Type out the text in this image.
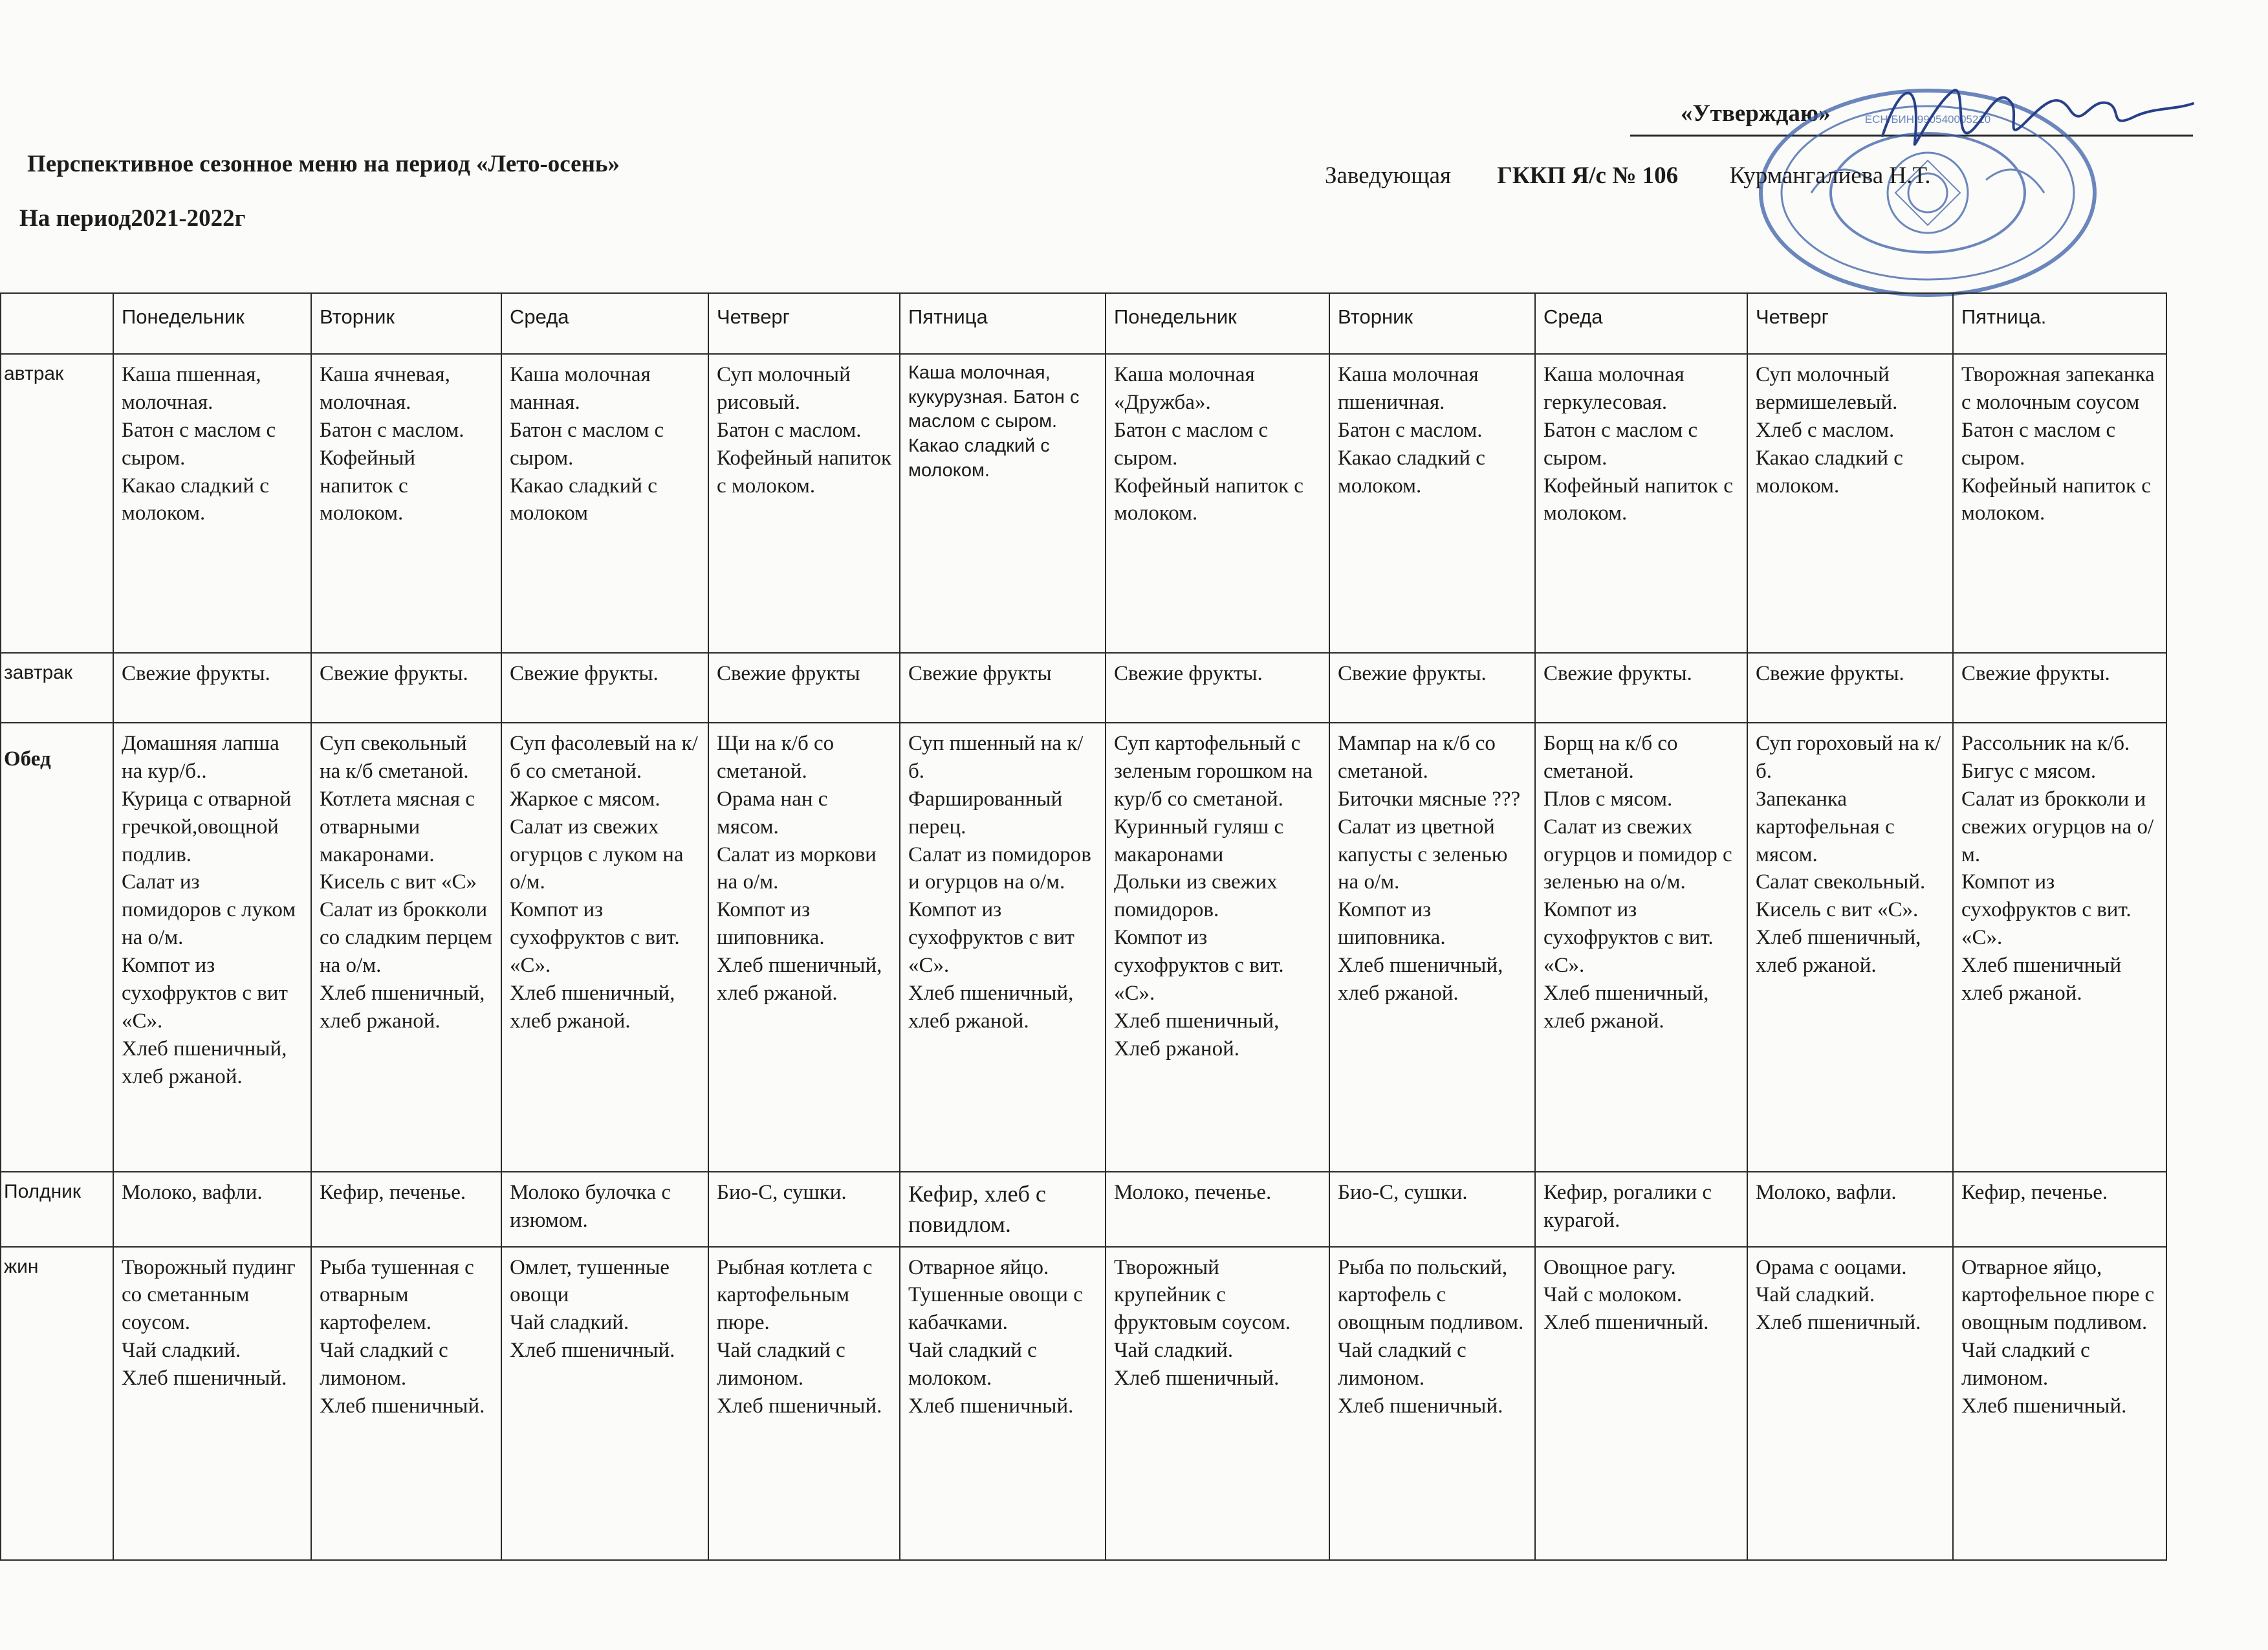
Перспективное сезонное меню на период «Лето-осень»
На период2021-2022г
«Утверждаю»	ЕСН/БИН 990540005210
Заведующая ГККП Я/с № 106 Курмангалиева Н.Т.
	Понедельник	Вторник	Среда	Четверг	Пятница	Понедельник	Вторник	Среда	Четверг	Пятница.
автрак	Каша пшенная, молочная.
Батон с маслом с сыром.
Какао сладкий с молоком.	Каша ячневая, молочная.
Батон с маслом.
Кофейный напиток с молоком.	Каша молочная манная.
Батон с маслом с сыром.
Какао сладкий с молоком	Суп молочный рисовый.
Батон с маслом.
Кофейный напиток с молоком.	Каша молочная, кукурузная. Батон с маслом с сыром.
Какао сладкий с молоком.	Каша молочная «Дружба».
Батон с маслом с сыром.
Кофейный напиток с молоком.	Каша молочная пшеничная.
Батон с маслом.
Какао сладкий с молоком.	Каша молочная геркулесовая.
Батон с маслом с сыром.
Кофейный напиток с молоком.	Суп молочный вермишелевый.
Хлеб с маслом.
Какао сладкий с молоком.	Творожная запеканка с молочным соусом
Батон с маслом с сыром.
Кофейный напиток с молоком.
завтрак	Свежие фрукты.	Свежие фрукты.	Свежие фрукты.	Свежие фрукты	Свежие фрукты	Свежие фрукты.	Свежие фрукты.	Свежие фрукты.	Свежие фрукты.	Свежие фрукты.
Обед	Домашняя лапша на кур/б..
Курица с отварной гречкой,овощной подлив.
Салат из помидоров с луком на о/м.
Компот из сухофруктов с вит «С».
Хлеб пшеничный, хлеб ржаной.	Суп свекольный на к/б сметаной.
Котлета мясная с отварными макаронами.
Кисель с вит «С» Салат из брокколи со сладким перцем на о/м.
Хлеб пшеничный, хлеб ржаной.	Суп фасолевый на к/б со сметаной.
Жаркое с мясом.
Салат из свежих огурцов с луком на о/м.
Компот из сухофруктов с вит. «С».
Хлеб пшеничный, хлеб ржаной.	Щи на к/б со сметаной.
Орама нан с мясом.
Салат из моркови на о/м.
Компот из шиповника.
Хлеб пшеничный, хлеб ржаной.	Суп пшенный на к/б.
Фаршированный перец.
Салат из помидоров и огурцов на о/м.
Компот из сухофруктов с вит «С».
Хлеб пшеничный, хлеб ржаной.	Суп картофельный с зеленым горошком на кур/б со сметаной.
Куринный гуляш с макаронами
Дольки из свежих помидоров.
Компот из сухофруктов с вит. «С».
Хлеб пшеничный, Хлеб ржаной.	Мампар на к/б со сметаной.
Биточки мясные ??? Салат из цветной капусты с зеленью на о/м.
Компот из шиповника.
Хлеб пшеничный, хлеб ржаной.	Борщ на к/б со сметаной.
Плов с мясом.
Салат из свежих огурцов и помидор с зеленью на о/м.
Компот из сухофруктов с вит. «С».
Хлеб пшеничный, хлеб ржаной.	Суп гороховый на к/б.
Запеканка картофельная с мясом.
Салат свекольный.
Кисель с вит «С». Хлеб пшеничный, хлеб ржаной.	Рассольник на к/б. Бигус с мясом.
Салат из брокколи и свежих огурцов на о/м.
Компот из сухофруктов с вит. «С».
Хлеб пшеничный хлеб ржаной.
Полдник	Молоко, вафли.	Кефир, печенье.	Молоко булочка с изюмом.	Био-С, сушки.	Кефир, хлеб с повидлом.	Молоко, печенье.	Био-С, сушки.	Кефир, рогалики с курагой.	Молоко, вафли.	Кефир, печенье.
жин	Творожный пудинг со сметанным соусом.
Чай сладкий.
Хлеб пшеничный.	Рыба тушенная с отварным картофелем.
Чай сладкий с лимоном.
Хлеб пшеничный.	Омлет, тушенные овощи
Чай сладкий.
Хлеб пшеничный.	Рыбная котлета с картофельным пюре.
Чай сладкий с лимоном.
Хлеб пшеничный.	Отварное яйцо.
Тушенные овощи с кабачками.
Чай сладкий с молоком.
Хлеб пшеничный.	Творожный крупейник с фруктовым соусом.
Чай сладкий.
Хлеб пшеничный.	Рыба по польский, картофель с овощным подливом. Чай сладкий с лимоном.
Хлеб пшеничный.	Овощное рагу.
Чай с молоком.
Хлеб пшеничный.	Орама с ооцами.
Чай сладкий.
Хлеб пшеничный.	Отварное яйцо, картофельное пюре с овощным подливом.
Чай сладкий с лимоном.
Хлеб пшеничный.
